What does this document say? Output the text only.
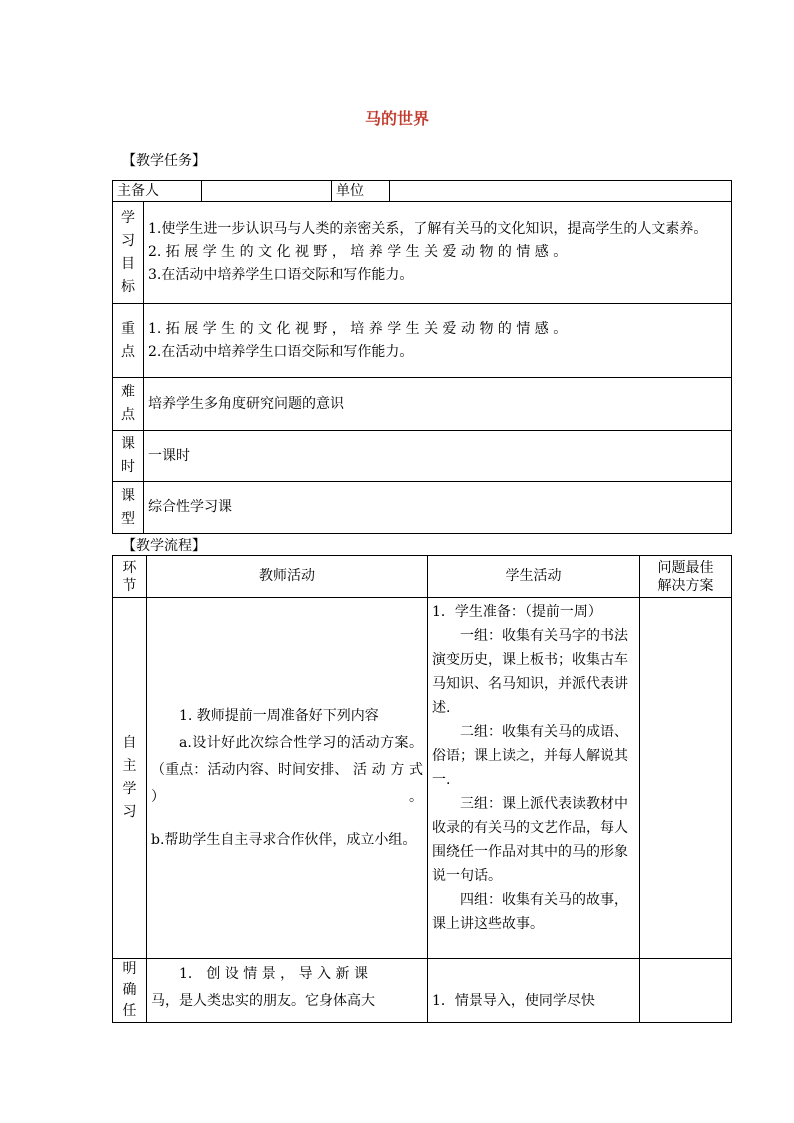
马的世界
【教学任务】
主备人			单位	

学
习
目
标	1.使学生进一步认识马与人类的亲密关系，了解有关马的文化知识，提高学生的人文素养。
2. 拓 展 学 生 的 文 化 视 野 ， 培 养 学 生 关 爱 动 物 的 情 感 。
3.在活动中培养学生口语交际和写作能力。			

重
点	1. 拓 展 学 生 的 文 化 视 野 ， 培 养 学 生 关 爱 动 物 的 情 感 。
2.在活动中培养学生口语交际和写作能力。			

难
点	培养学生多角度研究问题的意识			

课
时	一课时			

课
型	综合性学习课			
【教学流程】
环
节	教师活动	学生活动	问题最佳
解决方案

自
主
学
习	1. 教师提前一周准备好下列内容
a.设计好此次综合性学习的活动方案。（重点：活动内容、时间安排、 活 动 方 式 ） 。
b.帮助学生自主寻求合作伙伴，成立小组。	1．学生准备：（提前一周）
一组：收集有关马字的书法演变历史，课上板书；收集古车马知识、名马知识，并派代表讲述.
二组：收集有关马的成语、俗语；课上读之，并每人解说其一.
三组：课上派代表读教材中收录的有关马的文艺作品，每人围绕任一作品对其中的马的形象说一句话。
四组：收集有关马的故事，课上讲这些故事。	

明
确
任	1． 创 设 情 景 ， 导 入 新 课
马，是人类忠实的朋友。它身体高大	1．情景导入，使同学尽快	
